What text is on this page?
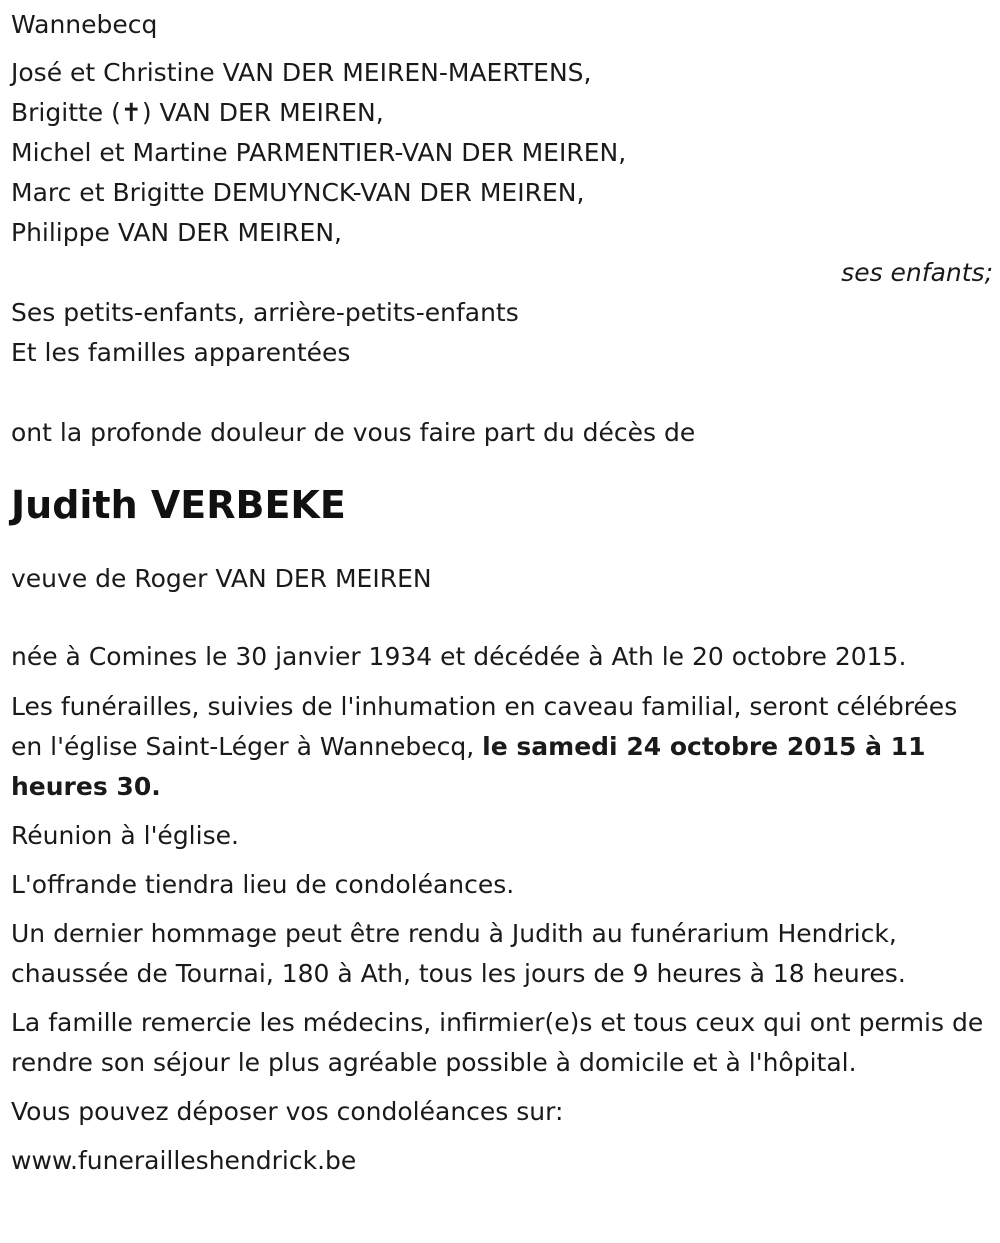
Wannebecq
José et Christine VAN DER MEIREN-MAERTENS,
Brigitte (✝) VAN DER MEIREN,
Michel et Martine PARMENTIER-VAN DER MEIREN,
Marc et Brigitte DEMUYNCK-VAN DER MEIREN,
Philippe VAN DER MEIREN,
ses enfants;
Ses petits-enfants, arrière-petits-enfants
Et les familles apparentées
ont la profonde douleur de vous faire part du décès de
Judith VERBEKE
veuve de Roger VAN DER MEIREN
née à Comines le 30 janvier 1934 et décédée à Ath le 20 octobre 2015.
Les funérailles, suivies de l'inhumation en caveau familial, seront célébrées en l'église Saint-Léger à Wannebecq, le samedi 24 octobre 2015 à 11 heures 30.
Réunion à l'église.
L'offrande tiendra lieu de condoléances.
Un dernier hommage peut être rendu à Judith au funérarium Hendrick, chaussée de Tournai, 180 à Ath, tous les jours de 9 heures à 18 heures.
La famille remercie les médecins, infirmier(e)s et tous ceux qui ont permis de rendre son séjour le plus agréable possible à domicile et à l'hôpital.
Vous pouvez déposer vos condoléances sur:
www.funerailleshendrick.be
